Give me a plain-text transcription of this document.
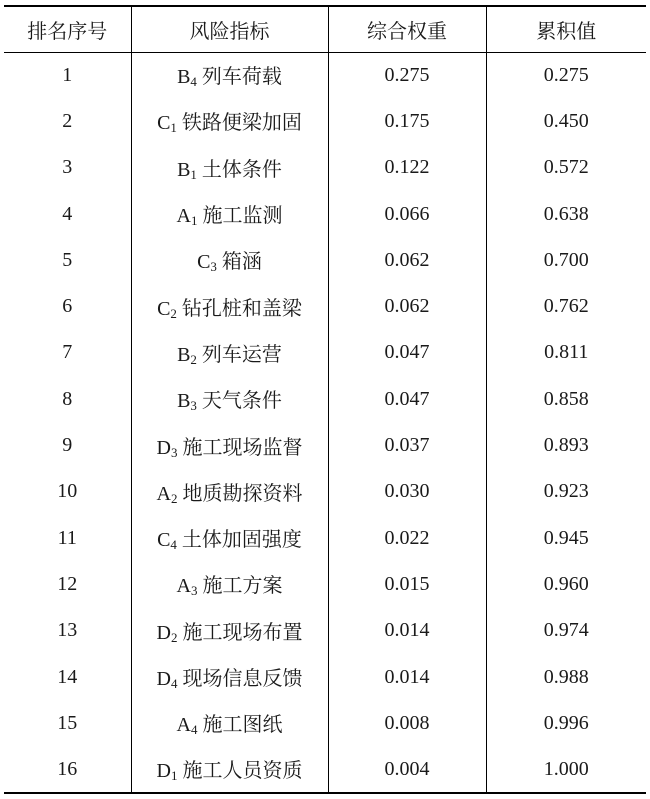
排名序号	风险指标	综合权重	累积值
1	$B_4$ 列车荷载	0.275	0.275
2	$C_1$ 铁路便梁加固	0.175	0.450
3	$B_1$ 土体条件	0.122	0.572
4	$A_1$ 施工监测	0.066	0.638
5	$C_3$ 箱涵	0.062	0.700
6	$C_2$ 钻孔桩和盖梁	0.062	0.762
7	$B_2$ 列车运营	0.047	0.811
8	$B_3$ 天气条件	0.047	0.858
9	$D_3$ 施工现场监督	0.037	0.893
10	$A_2$ 地质勘探资料	0.030	0.923
11	$C_4$ 土体加固强度	0.022	0.945
12	$A_3$ 施工方案	0.015	0.960
13	$D_2$ 施工现场布置	0.014	0.974
14	$D_4$ 现场信息反馈	0.014	0.988
15	$A_4$ 施工图纸	0.008	0.996
16	$D_1$ 施工人员资质	0.004	1.000
